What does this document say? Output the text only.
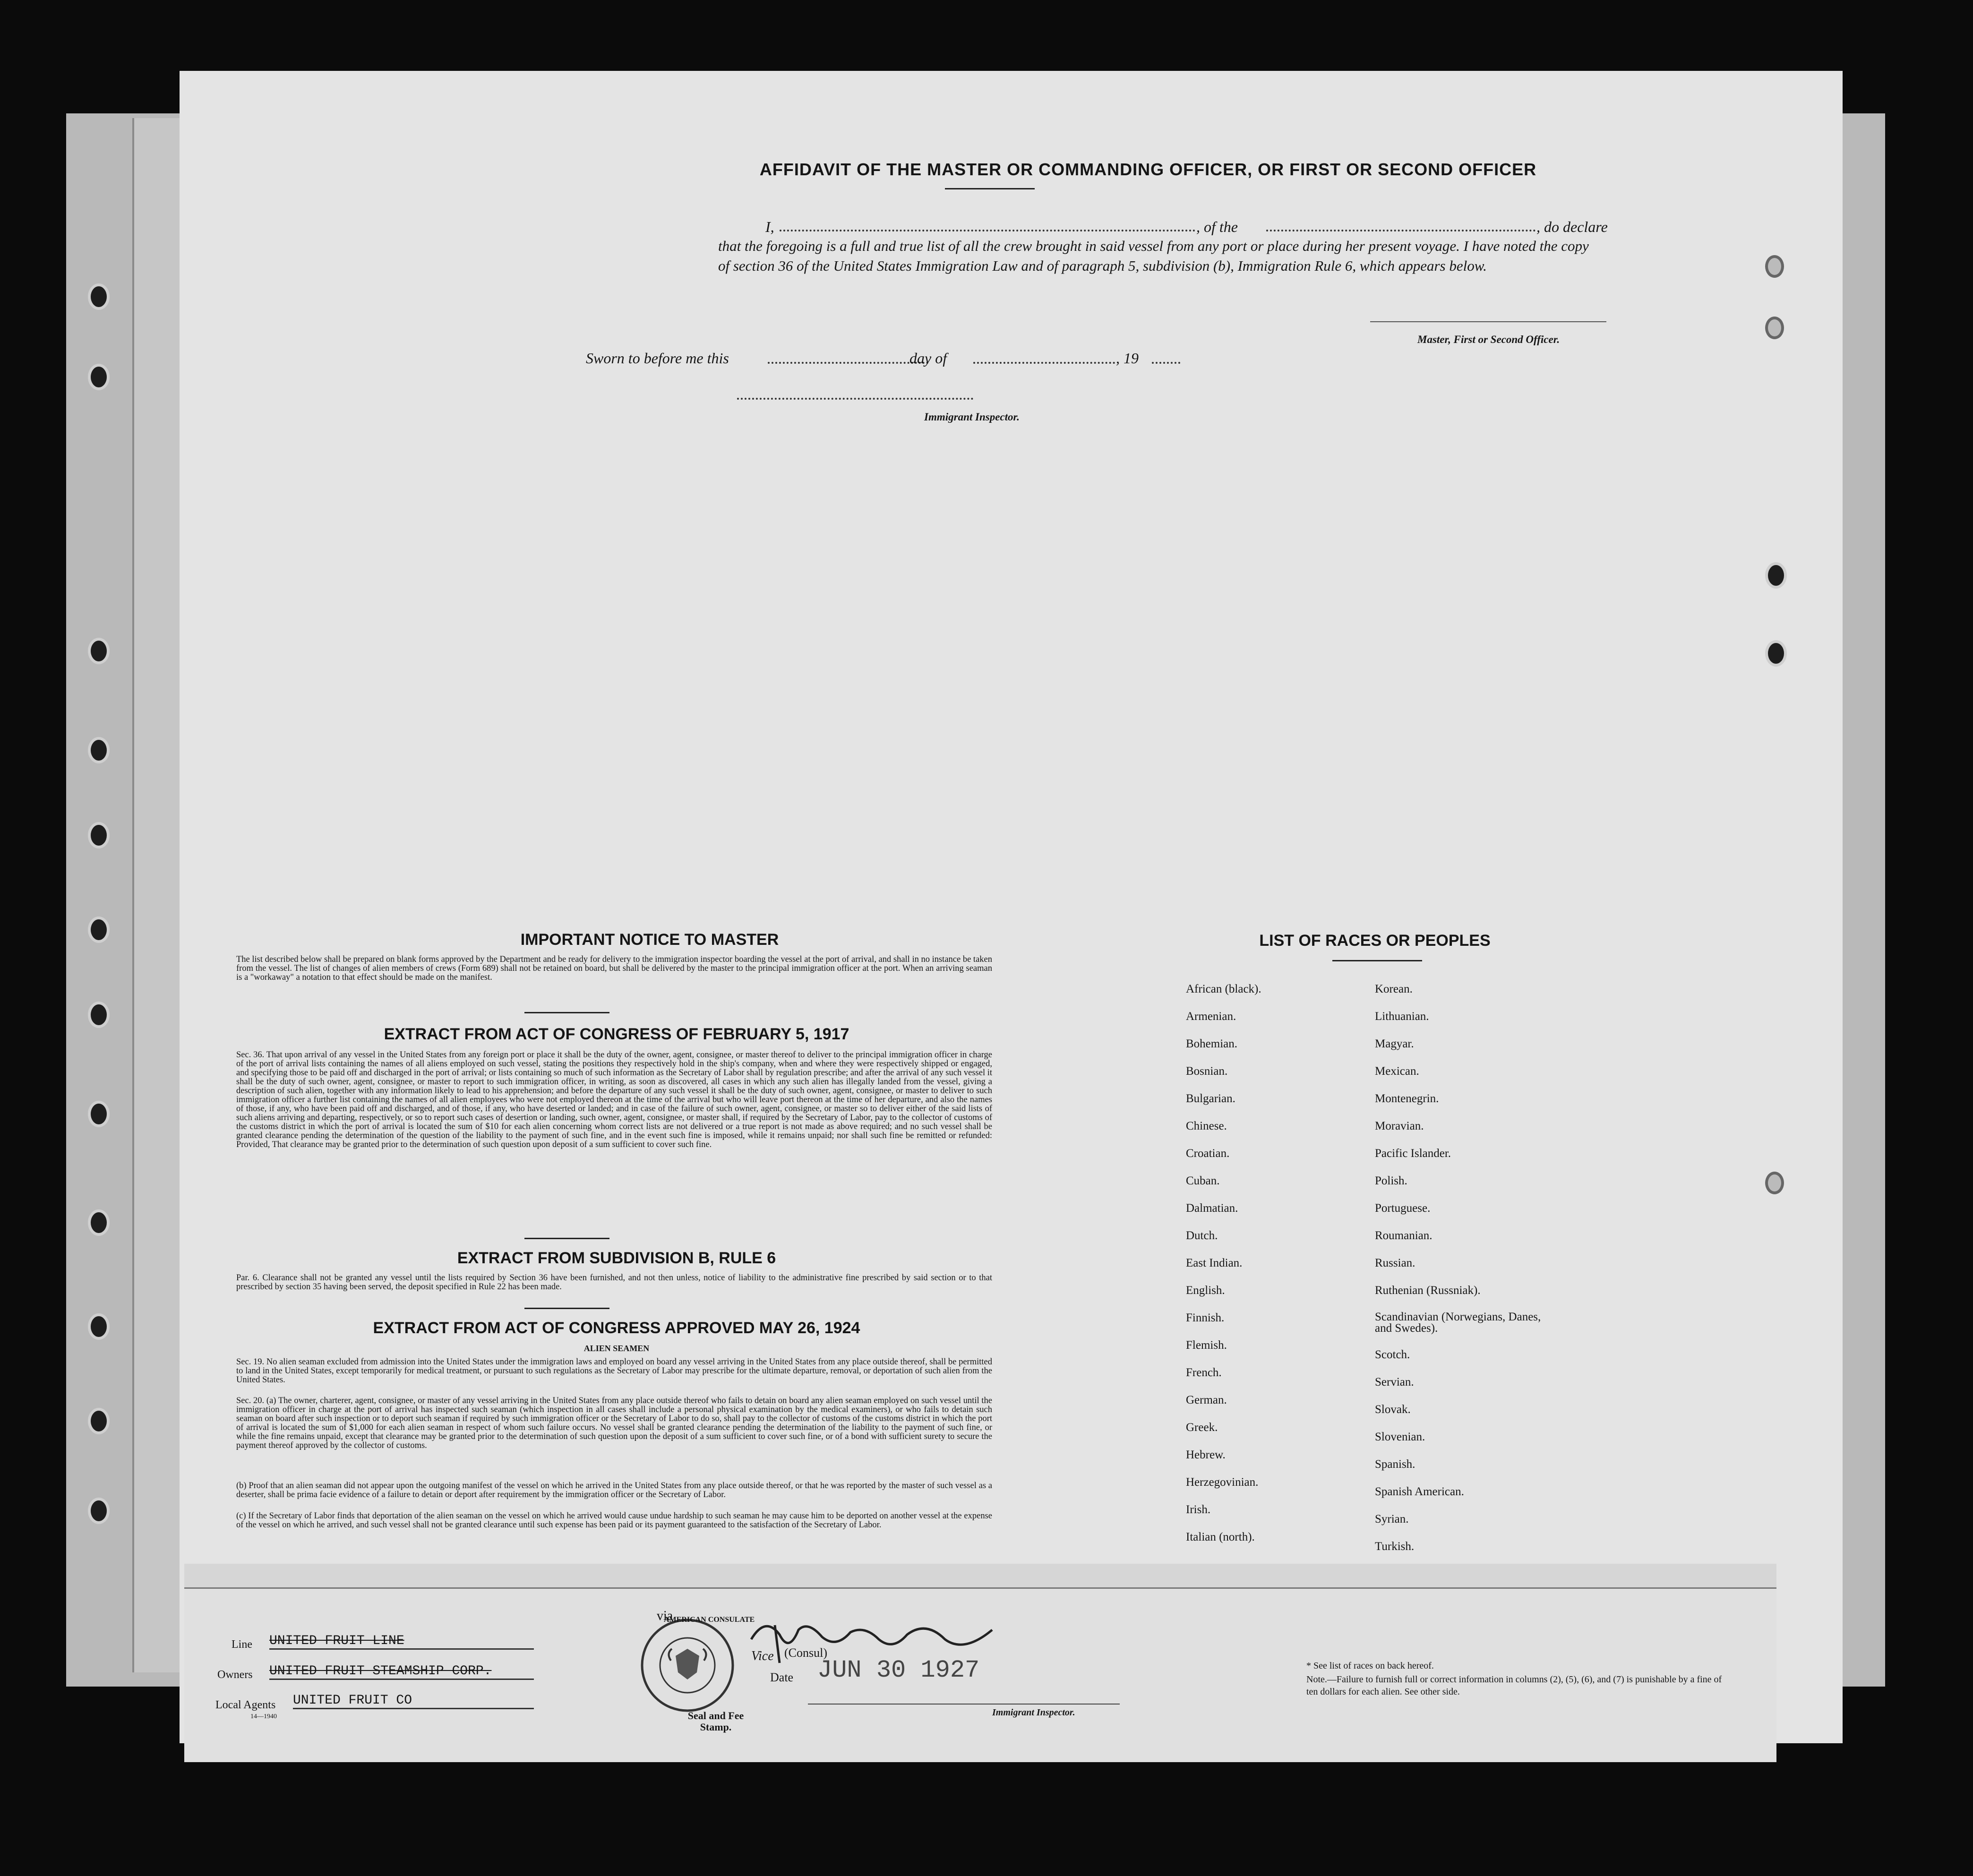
AFFIDAVIT OF THE MASTER OR COMMANDING OFFICER, OR FIRST OR SECOND OFFICER
I,	, of the	, do declare
that the foregoing is a full and true list of all the crew brought in said vessel from any port or place during her present voyage. I have noted the copy of section 36 of the United States Immigration Law and of paragraph 5, subdivision (b), Immigration Rule 6, which appears below.
Master, First or Second Officer.
Sworn to before me this	day of	, 19
Immigrant Inspector.
IMPORTANT NOTICE TO MASTER
The list described below shall be prepared on blank forms approved by the Department and be ready for delivery to the immigration inspector boarding the vessel at the port of arrival, and shall in no instance be taken from the vessel. The list of changes of alien members of crews (Form 689) shall not be retained on board, but shall be delivered by the master to the principal immigration officer at the port. When an arriving seaman is a "workaway" a notation to that effect should be made on the manifest.
EXTRACT FROM ACT OF CONGRESS OF FEBRUARY 5, 1917
Sec. 36. That upon arrival of any vessel in the United States from any foreign port or place it shall be the duty of the owner, agent, consignee, or master thereof to deliver to the principal immigration officer in charge of the port of arrival lists containing the names of all aliens employed on such vessel, stating the positions they respectively hold in the ship's company, when and where they were respectively shipped or engaged, and specifying those to be paid off and discharged in the port of arrival; or lists containing so much of such information as the Secretary of Labor shall by regulation prescribe; and after the arrival of any such vessel it shall be the duty of such owner, agent, consignee, or master to report to such immigration officer, in writing, as soon as discovered, all cases in which any such alien has illegally landed from the vessel, giving a description of such alien, together with any information likely to lead to his apprehension; and before the departure of any such vessel it shall be the duty of such owner, agent, consignee, or master to deliver to such immigration officer a further list containing the names of all alien employees who were not employed thereon at the time of the arrival but who will leave port thereon at the time of her departure, and also the names of those, if any, who have been paid off and discharged, and of those, if any, who have deserted or landed; and in case of the failure of such owner, agent, consignee, or master so to deliver either of the said lists of such aliens arriving and departing, respectively, or so to report such cases of desertion or landing, such owner, agent, consignee, or master shall, if required by the Secretary of Labor, pay to the collector of customs of the customs district in which the port of arrival is located the sum of $10 for each alien concerning whom correct lists are not delivered or a true report is not made as above required; and no such vessel shall be granted clearance pending the determination of the question of the liability to the payment of such fine, and in the event such fine is imposed, while it remains unpaid; nor shall such fine be remitted or refunded: Provided, That clearance may be granted prior to the determination of such question upon deposit of a sum sufficient to cover such fine.
EXTRACT FROM SUBDIVISION B, RULE 6
Par. 6. Clearance shall not be granted any vessel until the lists required by Section 36 have been furnished, and not then unless, notice of liability to the administrative fine prescribed by said section or to that prescribed by section 35 having been served, the deposit specified in Rule 22 has been made.
EXTRACT FROM ACT OF CONGRESS APPROVED MAY 26, 1924
ALIEN SEAMEN
Sec. 19. No alien seaman excluded from admission into the United States under the immigration laws and employed on board any vessel arriving in the United States from any place outside thereof, shall be permitted to land in the United States, except temporarily for medical treatment, or pursuant to such regulations as the Secretary of Labor may prescribe for the ultimate departure, removal, or deportation of such alien from the United States.
Sec. 20. (a) The owner, charterer, agent, consignee, or master of any vessel arriving in the United States from any place outside thereof who fails to detain on board any alien seaman employed on such vessel until the immigration officer in charge at the port of arrival has inspected such seaman (which inspection in all cases shall include a personal physical examination by the medical examiners), or who fails to detain such seaman on board after such inspection or to deport such seaman if required by such immigration officer or the Secretary of Labor to do so, shall pay to the collector of customs of the customs district in which the port of arrival is located the sum of $1,000 for each alien seaman in respect of whom such failure occurs. No vessel shall be granted clearance pending the determination of the liability to the payment of such fine, or while the fine remains unpaid, except that clearance may be granted prior to the determination of such question upon the deposit of a sum sufficient to cover such fine, or of a bond with sufficient surety to secure the payment thereof approved by the collector of customs.
(b) Proof that an alien seaman did not appear upon the outgoing manifest of the vessel on which he arrived in the United States from any place outside thereof, or that he was reported by the master of such vessel as a deserter, shall be prima facie evidence of a failure to detain or deport after requirement by the immigration officer or the Secretary of Labor.
(c) If the Secretary of Labor finds that deportation of the alien seaman on the vessel on which he arrived would cause undue hardship to such seaman he may cause him to be deported on another vessel at the expense of the vessel on which he arrived, and such vessel shall not be granted clearance until such expense has been paid or its payment guaranteed to the satisfaction of the Secretary of Labor.
LIST OF RACES OR PEOPLES
African (black).
Armenian.
Bohemian.
Bosnian.
Bulgarian.
Chinese.
Croatian.
Cuban.
Dalmatian.
Dutch.
East Indian.
English.
Finnish.
Flemish.
French.
German.
Greek.
Hebrew.
Herzegovinian.
Irish.
Italian (north).
Korean.
Lithuanian.
Magyar.
Mexican.
Montenegrin.
Moravian.
Pacific Islander.
Polish.
Portuguese.
Roumanian.
Russian.
Ruthenian (Russniak).
Scandinavian (Norwegians, Danes, and Swedes).
Scotch.
Servian.
Slovak.
Slovenian.
Spanish.
Spanish American.
Syrian.
Turkish.
via
Line UNITED FRUIT LINE
Owners UNITED FRUIT STEAMSHIP CORP.
Local Agents UNITED FRUIT CO
14—1940
AMERICAN CONSULATE
Seal and Fee Stamp.
Vice (Consul)
Date JUN 30 1927
Immigrant Inspector.
* See list of races on back hereof.
Note.—Failure to furnish full or correct information in columns (2), (5), (6), and (7) is punishable by a fine of ten dollars for each alien. See other side.
